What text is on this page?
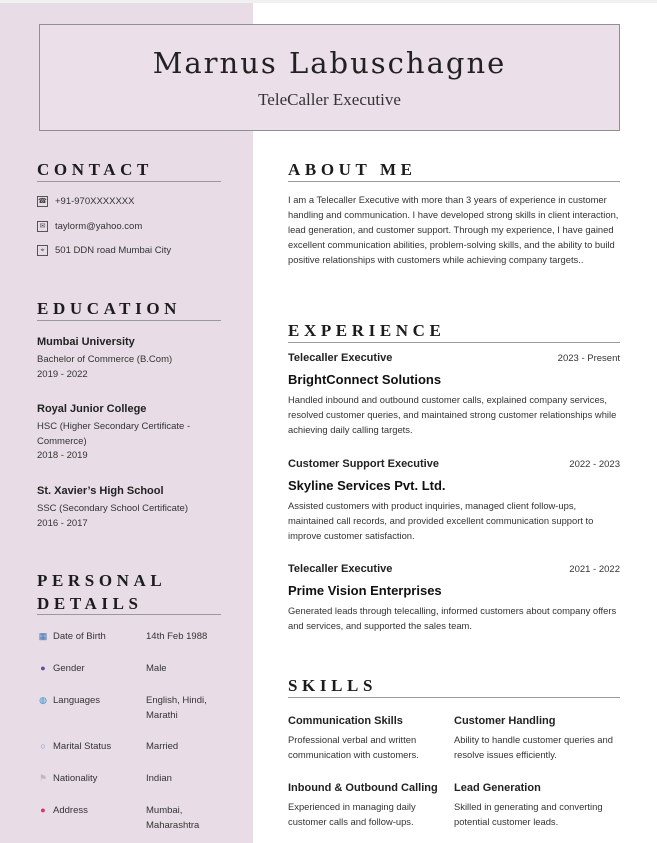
Marnus Labuschagne
TeleCaller Executive
CONTACT
☎ +91-970XXXXXXX
✉ taylorm@yahoo.com
⌖	501 DDN road Mumbai City
EDUCATION
Mumbai University
Bachelor of Commerce (B.Com)
2019 - 2022
Royal Junior College
HSC (Higher Secondary Certificate - Commerce)
2018 - 2019
St. Xavier’s High School
SSC (Secondary School Certificate)
2016 - 2017
PERSONAL
DETAILS
▦ Date of Birth	14th Feb 1988
● Gender	Male
◍ Languages	English, Hindi, Marathi
○ Marital Status	Married
⚑ Nationality	Indian
● Address	Mumbai, Maharashtra
ABOUT ME
I am a Telecaller Executive with more than 3 years of experience in customer handling and communication. I have developed strong skills in client interaction, lead generation, and customer support. Through my experience, I have gained excellent communication abilities, problem-solving skills, and the ability to build positive relationships with customers while achieving company targets..
EXPERIENCE
Telecaller Executive	2023 - Present
BrightConnect Solutions
Handled inbound and outbound customer calls, explained company services, resolved customer queries, and maintained strong customer relationships while achieving daily calling targets.
Customer Support Executive	2022 - 2023
Skyline Services Pvt. Ltd.
Assisted customers with product inquiries, managed client follow-ups, maintained call records, and provided excellent communication support to improve customer satisfaction.
Telecaller Executive	2021 - 2022
Prime Vision Enterprises
Generated leads through telecalling, informed customers about company offers and services, and supported the sales team.
SKILLS
Communication Skills
Professional verbal and written communication with customers.
Customer Handling
Ability to handle customer queries and resolve issues efficiently.
Inbound & Outbound Calling
Experienced in managing daily customer calls and follow-ups.
Lead Generation
Skilled in generating and converting potential customer leads.
